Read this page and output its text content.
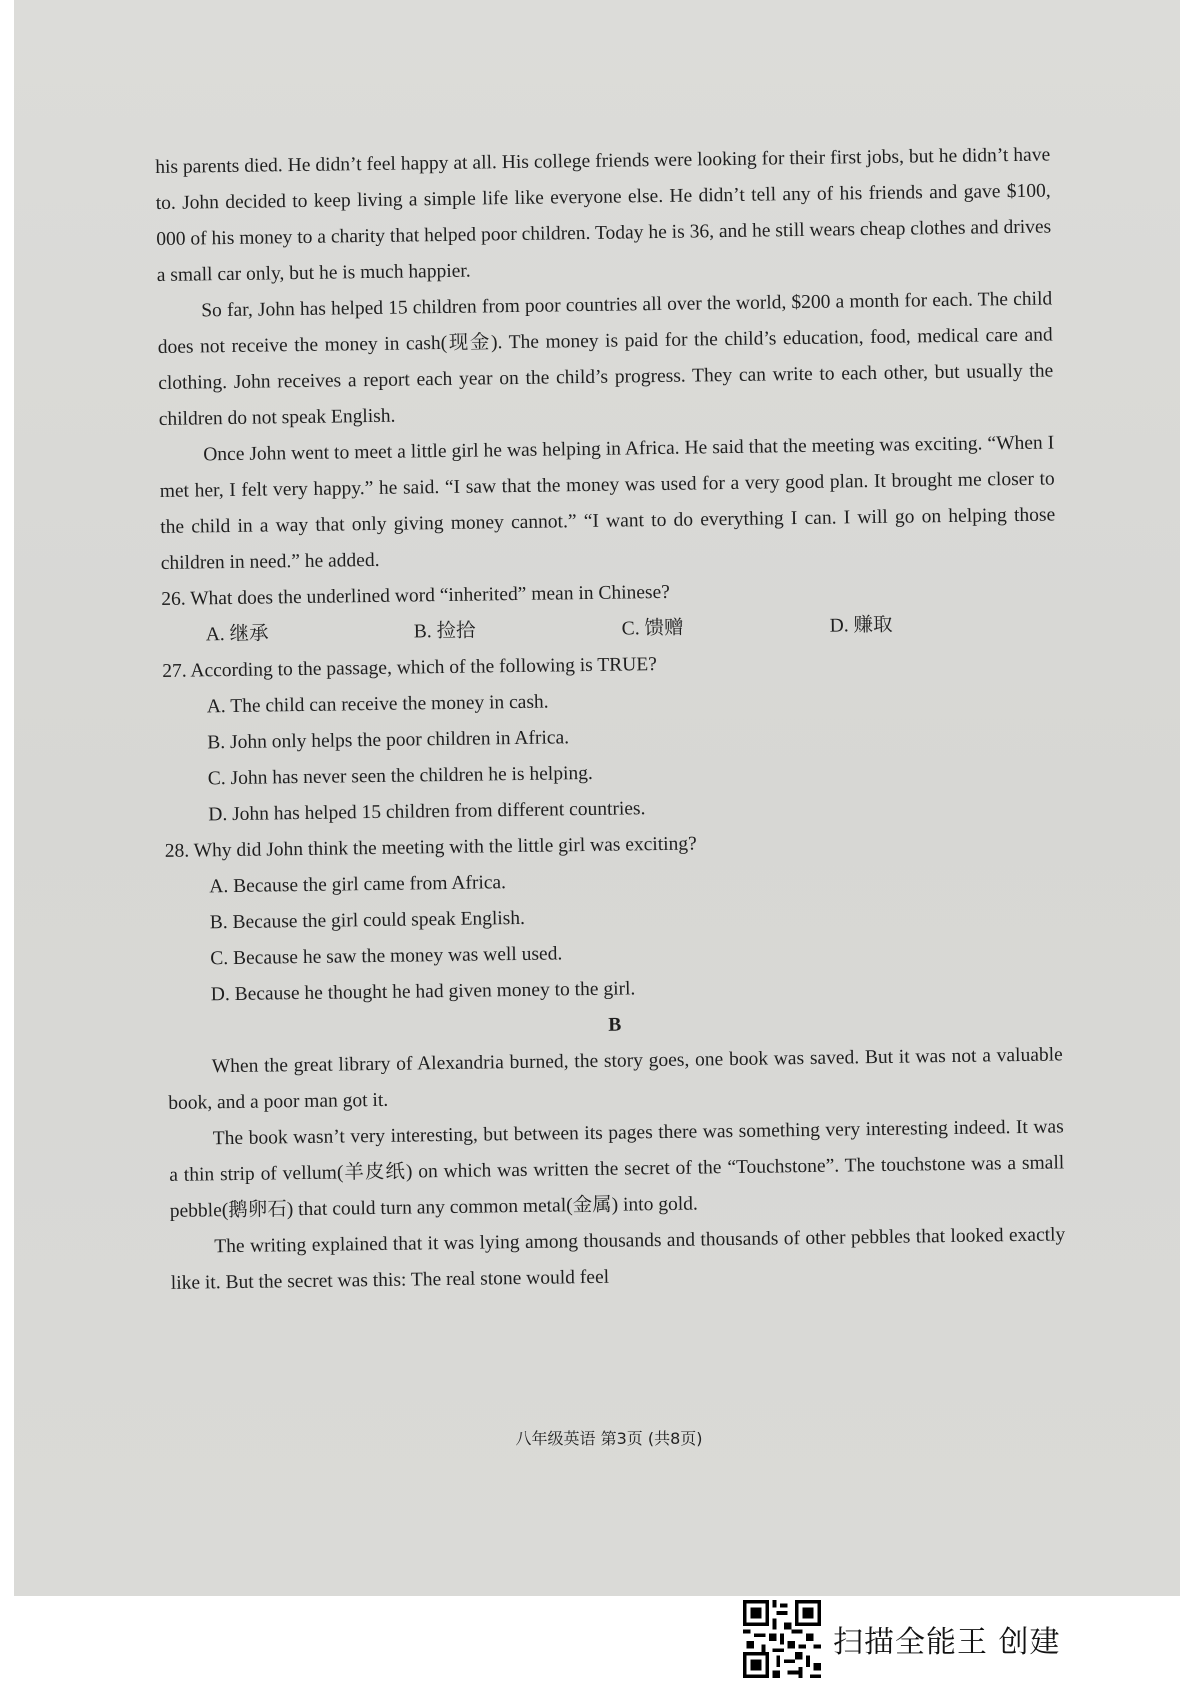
his parents died. He didn’t feel happy at all. His college friends were looking for their first jobs, but he didn’t have to. John decided to keep living a simple life like everyone else. He didn’t tell any of his friends and gave $100, 000 of his money to a charity that helped poor children. Today he is 36, and he still wears cheap clothes and drives a small car only, but he is much happier.

So far, John has helped 15 children from poor countries all over the world, $200 a month for each. The child does not receive the money in cash(现金). The money is paid for the child’s education, food, medical care and clothing. John receives a report each year on the child’s progress. They can write to each other, but usually the children do not speak English.

Once John went to meet a little girl he was helping in Africa. He said that the meeting was exciting. “When I met her, I felt very happy.” he said. “I saw that the money was used for a very good plan. It brought me closer to the child in a way that only giving money cannot.” “I want to do everything I can. I will go on helping those children in need.” he added.

26. What does the underlined word “inherited” mean in Chinese?

A. 继承	B. 捡拾	C. 馈赠	D. 赚取

27. According to the passage, which of the following is TRUE?

A. The child can receive the money in cash.

B. John only helps the poor children in Africa.

C. John has never seen the children he is helping.

D. John has helped 15 children from different countries.

28. Why did John think the meeting with the little girl was exciting?

A. Because the girl came from Africa.

B. Because the girl could speak English.

C. Because he saw the money was well used.

D. Because he thought he had given money to the girl.

B

When the great library of Alexandria burned, the story goes, one book was saved. But it was not a valuable book, and a poor man got it.

The book wasn’t very interesting, but between its pages there was something very interesting indeed. It was a thin strip of vellum(羊皮纸) on which was written the secret of the “Touchstone”. The touchstone was a small pebble(鹅卵石) that could turn any common metal(金属) into gold.

The writing explained that it was lying among thousands and thousands of other pebbles that looked exactly like it. But the secret was this: The real stone would feel

八年级英语 第3页 (共8页)
扫描全能王 创建
